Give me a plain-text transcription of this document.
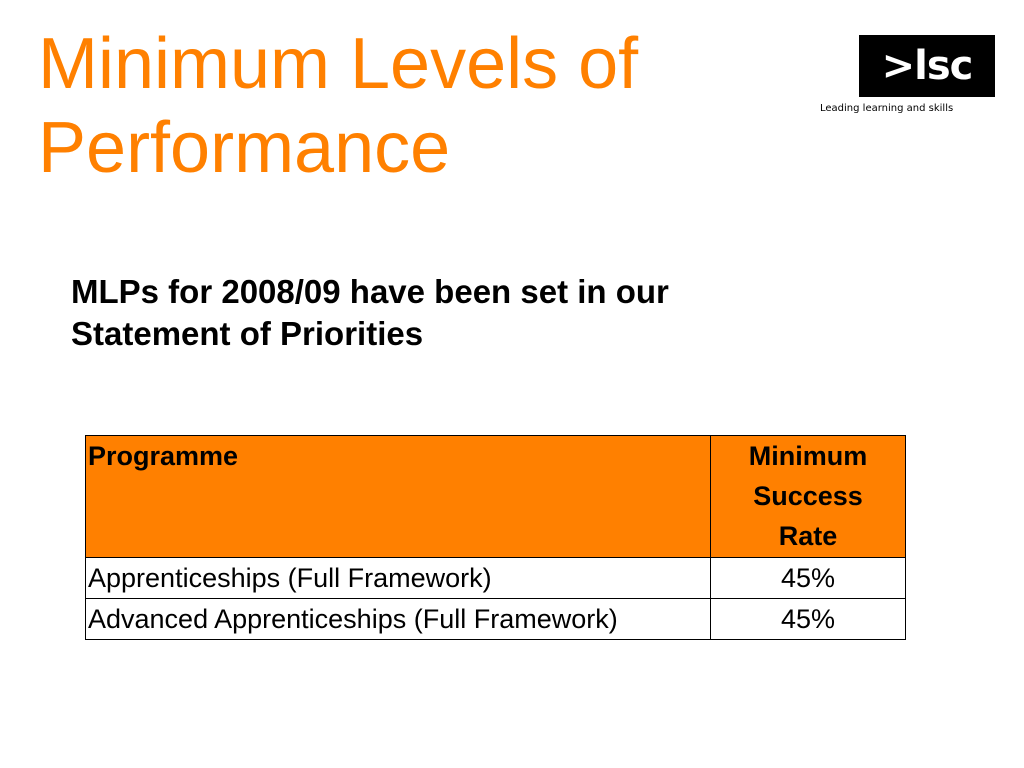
Minimum Levels of
Performance
>lsc
Leading learning and skills
MLPs for 2008/09 have been set in our
Statement of Priorities
Programme	Minimum
Success
Rate

Apprenticeships (Full Framework)	45%
Advanced Apprenticeships (Full Framework)	45%
